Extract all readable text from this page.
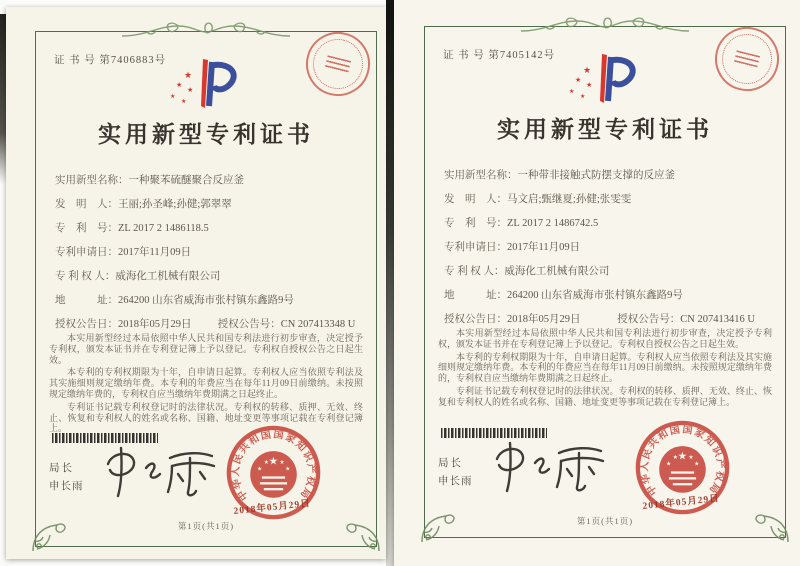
证 书 号 第7406883号
★
★
★
★
★
实用新型专利证书
实用新型名称：一种聚苯硫醚聚合反应釜
发　明　人：王丽;孙圣峰;孙健;郭翠翠
专　利　号：ZL 2017 2 1486118.5
专利申请日：2017年11月09日
专 利 权 人：威海化工机械有限公司
地　　　址：264200 山东省威海市张村镇东鑫路9号
授权公告日：2018年05月29日 授权公告号：CN 207413348 U

本实用新型经过本局依照中华人民共和国专利法进行初步审查，决定授予专利权，颁发本证书并在专利登记簿上予以登记。专利权自授权公告之日起生效。

本专利的专利权期限为十年，自申请日起算。专利权人应当依照专利法及其实施细则规定缴纳年费。本专利的年费应当在每年11月09日前缴纳。未按照规定缴纳年费的，专利权自应当缴纳年费期满之日起终止。

专利证书记载专利权登记时的法律状况。专利权的转移、质押、无效、终止、恢复和专利权人的姓名或名称、国籍、地址变更等事项记载在专利登记簿上。

局长
申长雨	中华人民共和国国家知识产权局
★
★
★ ★
★
2018年05月29日
第1页(共1页)
证 书 号 第7405142号
★
★
★
★
★
实用新型专利证书
实用新型名称：一种带非接触式防摆支撑的反应釜
发　明　人：马文启;甄继夏;孙健;张雯雯
专　利　号：ZL 2017 2 1486742.5
专利申请日：2017年11月09日
专 利 权 人：威海化工机械有限公司
地　　　址：264200 山东省威海市张村镇东鑫路9号
授权公告日：2018年05月29日	授权公告号：CN 207413416 U

本实用新型经过本局依照中华人民共和国专利法进行初步审查，决定授予专利权，颁发本证书并在专利登记簿上予以登记。专利权自授权公告之日起生效。

本专利的专利权期限为十年，自申请日起算。专利权人应当依照专利法及其实施细则规定缴纳年费。本专利的年费应当在每年11月09日前缴纳。未按照规定缴纳年费的，专利权自应当缴纳年费期满之日起终止。

专利证书记载专利权登记时的法律状况。专利权的转移、质押、无效、终止、恢复和专利权人的姓名或名称、国籍、地址变更等事项记载在专利登记簿上。

局长
申长雨	中华人民共和国国家知识产权局
★
★
★ ★
★
2018年05月29日
第1页(共1页)
